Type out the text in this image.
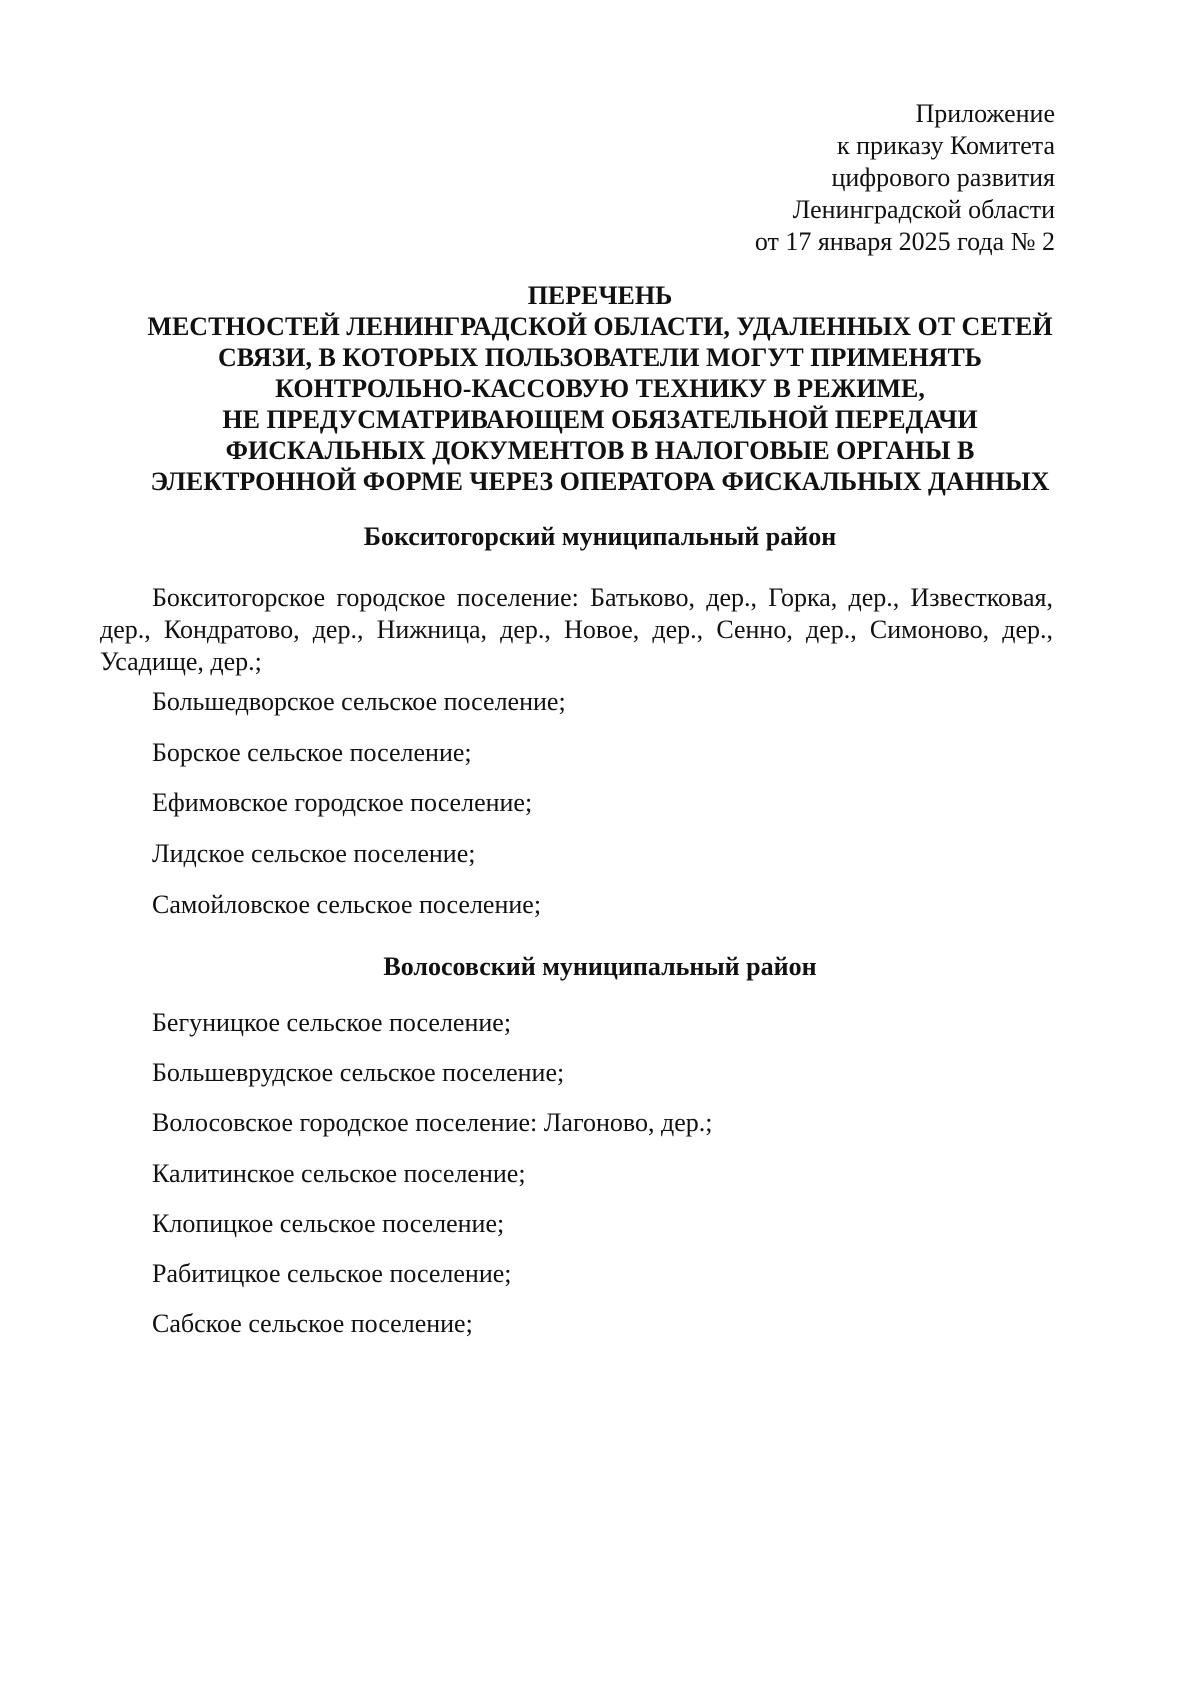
Приложение
к приказу Комитета
цифрового развития
Ленинградской области
от 17 января 2025 года № 2
ПЕРЕЧЕНЬ
МЕСТНОСТЕЙ ЛЕНИНГРАДСКОЙ ОБЛАСТИ, УДАЛЕННЫХ ОТ СЕТЕЙ
СВЯЗИ, В КОТОРЫХ ПОЛЬЗОВАТЕЛИ МОГУТ ПРИМЕНЯТЬ
КОНТРОЛЬНО-КАССОВУЮ ТЕХНИКУ В РЕЖИМЕ,
НЕ ПРЕДУСМАТРИВАЮЩЕМ ОБЯЗАТЕЛЬНОЙ ПЕРЕДАЧИ
ФИСКАЛЬНЫХ ДОКУМЕНТОВ В НАЛОГОВЫЕ ОРГАНЫ В
ЭЛЕКТРОННОЙ ФОРМЕ ЧЕРЕЗ ОПЕРАТОРА ФИСКАЛЬНЫХ ДАННЫХ
Бокситогорский муниципальный район
Бокситогорское городское поселение: Батьково, дер., Горка, дер., Известковая, дер., Кондратово, дер., Нижница, дер., Новое, дер., Сенно, дер., Симоново, дер., Усадище, дер.;
Большедворское сельское поселение;
Борское сельское поселение;
Ефимовское городское поселение;
Лидское сельское поселение;
Самойловское сельское поселение;
Волосовский муниципальный район
Бегуницкое сельское поселение;
Большеврудское сельское поселение;
Волосовское городское поселение: Лагоново, дер.;
Калитинское сельское поселение;
Клопицкое сельское поселение;
Рабитицкое сельское поселение;
Сабское сельское поселение;
